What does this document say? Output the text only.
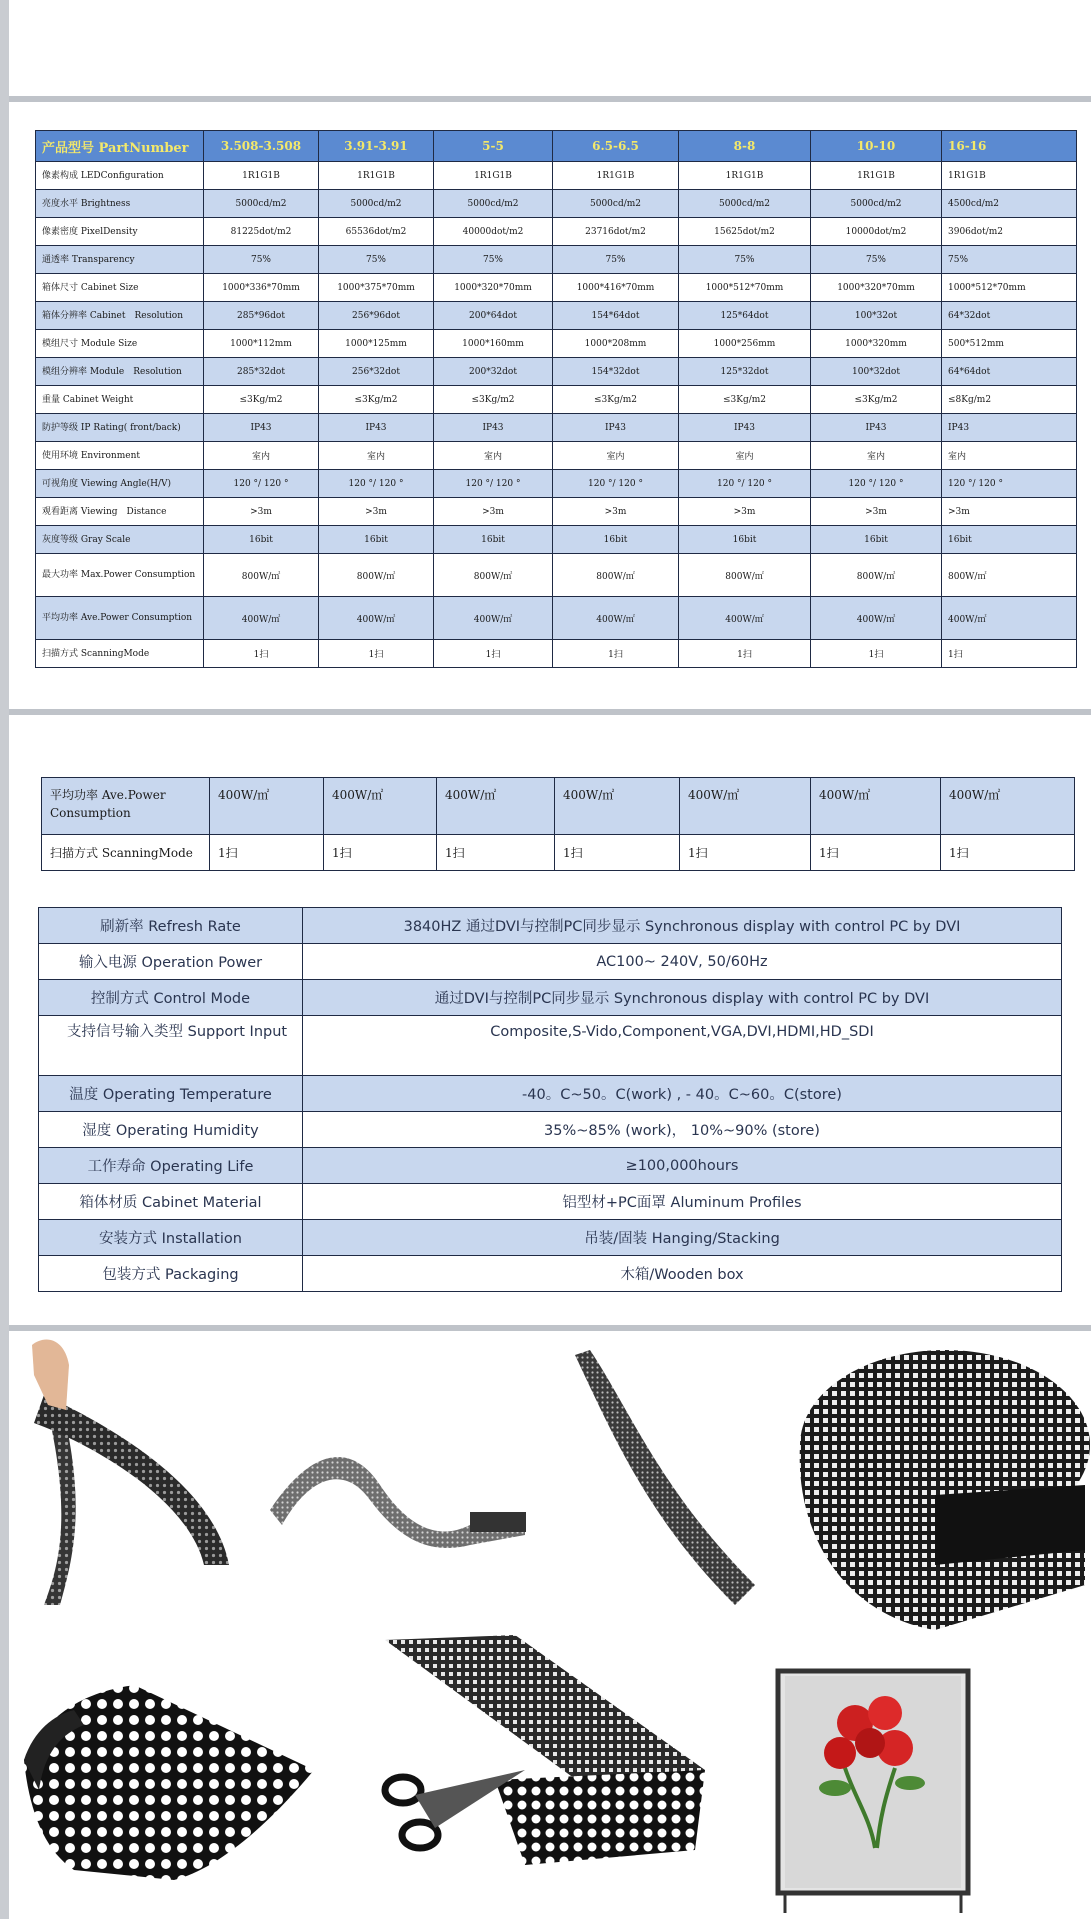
产品型号 PartNumber	3.508-3.508	3.91-3.91	5-5	6.5-6.5	8-8	10-10	16-16

像素构成 LEDConfiguration	1R1G1B	1R1G1B	1R1G1B	1R1G1B	1R1G1B	1R1G1B	1R1G1B

亮度水平 Brightness	5000cd/m2	5000cd/m2	5000cd/m2	5000cd/m2	5000cd/m2	5000cd/m2	4500cd/m2

像素密度 PixelDensity	81225dot/m2	65536dot/m2	40000dot/m2	23716dot/m2	15625dot/m2	10000dot/m2	3906dot/m2

通透率 Transparency	75%	75%	75%	75%	75%	75%	75%

箱体尺寸 Cabinet Size	1000*336*70mm	1000*375*70mm	1000*320*70mm	1000*416*70mm	1000*512*70mm	1000*320*70mm	1000*512*70mm

箱体分辨率 Cabinet　Resolution	285*96dot	256*96dot	200*64dot	154*64dot	125*64dot	100*32ot	64*32dot

模组尺寸 Module Size	1000*112mm	1000*125mm	1000*160mm	1000*208mm	1000*256mm	1000*320mm	500*512mm

模组分辨率 Module　Resolution	285*32dot	256*32dot	200*32dot	154*32dot	125*32dot	100*32dot	64*64dot

重量 Cabinet Weight	≤3Kg/m2	≤3Kg/m2	≤3Kg/m2	≤3Kg/m2	≤3Kg/m2	≤3Kg/m2	≤8Kg/m2

防护等级 IP Rating( front/back)	IP43	IP43	IP43	IP43	IP43	IP43	IP43

使用环境 Environment	室内	室内	室内	室内	室内	室内	室内

可视角度 Viewing Angle(H/V)	120 °/ 120 °	120 °/ 120 °	120 °/ 120 °	120 °/ 120 °	120 °/ 120 °	120 °/ 120 °	120 °/ 120 °

观看距离 Viewing　Distance	>3m	>3m	>3m	>3m	>3m	>3m	>3m

灰度等级 Gray Scale	16bit	16bit	16bit	16bit	16bit	16bit	16bit

最大功率 Max.Power Consumption	800W/㎡	800W/㎡	800W/㎡	800W/㎡	800W/㎡	800W/㎡	800W/㎡

平均功率 Ave.Power Consumption	400W/㎡	400W/㎡	400W/㎡	400W/㎡	400W/㎡	400W/㎡	400W/㎡

扫描方式 ScanningMode	1扫	1扫	1扫	1扫	1扫	1扫	1扫
平均功率 Ave.Power Consumption	400W/㎡	400W/㎡	400W/㎡	400W/㎡	400W/㎡	400W/㎡	400W/㎡
扫描方式 ScanningMode	1扫	1扫	1扫	1扫	1扫	1扫	1扫
刷新率 Refresh Rate	3840HZ 通过DVI与控制PC同步显示 Synchronous display with control PC by DVI
输入电源 Operation Power	AC100~ 240V, 50/60Hz
控制方式 Control Mode	通过DVI与控制PC同步显示 Synchronous display with control PC by DVI
支持信号输入类型 Support Input	Composite,S-Vido,Component,VGA,DVI,HDMI,HD_SDI
温度 Operating Temperature	-40。C~50。C(work) , - 40。C~60。C(store)
湿度 Operating Humidity	35%~85% (work)， 10%~90% (store)
工作寿命 Operating Life	≥100,000hours
箱体材质 Cabinet Material	铝型材+PC面罩 Aluminum Profiles
安装方式 Installation	吊装/固装 Hanging/Stacking
包装方式 Packaging	木箱/Wooden box
